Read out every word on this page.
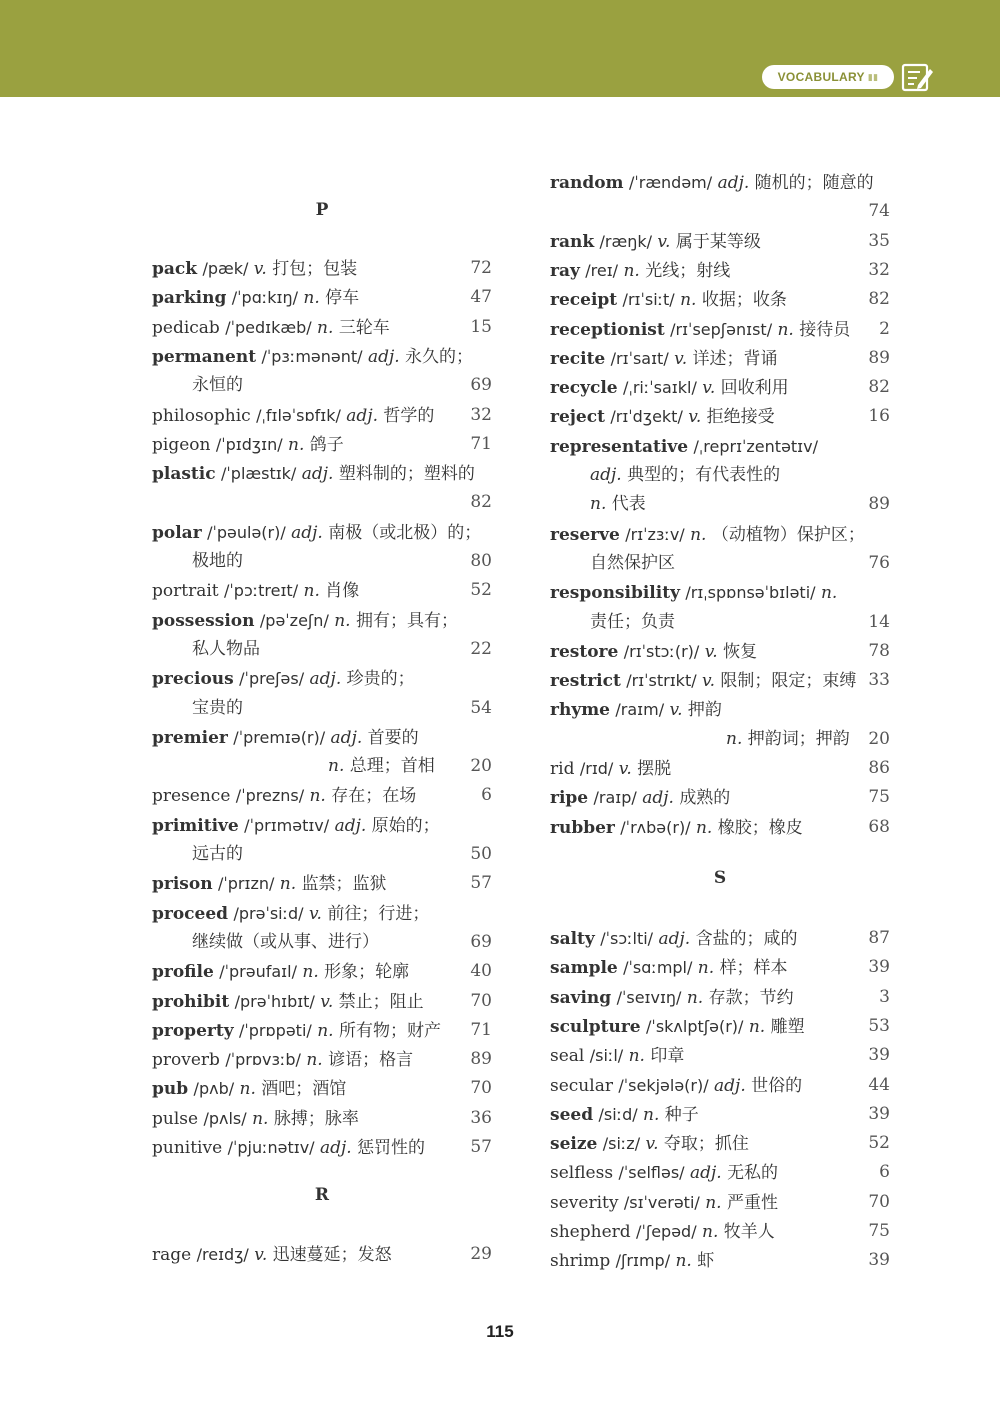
VOCABULARY ▮▮
P
pack /pæk/ v. 打包；包装	72
parking /ˈpɑːkɪŋ/ n. 停车	47
pedicab /ˈpedɪkæb/ n. 三轮车	15
permanent /ˈpɜːmənənt/ adj. 永久的；
永恒的	69
philosophic /ˌfɪləˈsɒfɪk/ adj. 哲学的 32
pigeon /ˈpɪdʒɪn/ n. 鸽子	71
plastic /ˈplæstɪk/ adj. 塑料制的；塑料的
82
polar /ˈpəulə(r)/ adj. 南极（或北极）的；
极地的	80
portrait /ˈpɔːtreɪt/ n. 肖像	52
possession /pəˈzeʃn/ n. 拥有；具有；
私人物品	22
precious /ˈpreʃəs/ adj. 珍贵的；
宝贵的	54
premier /ˈpremɪə(r)/ adj. 首要的
n. 总理；首相 20
presence /ˈprezns/ n. 存在；在场	6
primitive /ˈprɪmətɪv/ adj. 原始的；
远古的	50
prison /ˈprɪzn/ n. 监禁；监狱	57
proceed /prəˈsiːd/ v. 前往；行进；
继续做（或从事、进行）	69
profile /ˈprəufaɪl/ n. 形象；轮廓	40
prohibit /prəˈhɪbɪt/ v. 禁止；阻止	70
property /ˈprɒpəti/ n. 所有物；财产 71
proverb /ˈprɒvɜːb/ n. 谚语；格言	89
pub /pʌb/ n. 酒吧；酒馆	70
pulse /pʌls/ n. 脉搏；脉率	36
punitive /ˈpjuːnətɪv/ adj. 惩罚性的	57
R
rage /reɪdʒ/ v. 迅速蔓延；发怒	29
random /ˈrændəm/ adj. 随机的；随意的
74
rank /ræŋk/ v. 属于某等级	35
ray /reɪ/ n. 光线；射线	32
receipt /rɪˈsiːt/ n. 收据；收条	82
receptionist /rɪˈsepʃənɪst/ n. 接待员 2
recite /rɪˈsaɪt/ v. 详述；背诵	89
recycle /ˌriːˈsaɪkl/ v. 回收利用	82
reject /rɪˈdʒekt/ v. 拒绝接受	16
representative /ˌreprɪˈzentətɪv/
adj. 典型的；有代表性的
n. 代表	89
reserve /rɪˈzɜːv/ n. （动植物）保护区；
自然保护区	76
responsibility /rɪˌspɒnsəˈbɪləti/ n.
责任；负责	14
restore /rɪˈstɔː(r)/ v. 恢复	78
restrict /rɪˈstrɪkt/ v. 限制；限定；束缚 33
rhyme /raɪm/ v. 押韵
n. 押韵词；押韵 20
rid /rɪd/ v. 摆脱	86
ripe /raɪp/ adj. 成熟的	75
rubber /ˈrʌbə(r)/ n. 橡胶；橡皮	68
S
salty /ˈsɔːlti/ adj. 含盐的；咸的	87
sample /ˈsɑːmpl/ n. 样；样本	39
saving /ˈseɪvɪŋ/ n. 存款；节约	3
sculpture /ˈskʌlptʃə(r)/ n. 雕塑	53
seal /siːl/ n. 印章	39
secular /ˈsekjələ(r)/ adj. 世俗的	44
seed /siːd/ n. 种子	39
seize /siːz/ v. 夺取；抓住	52
selfless /ˈselfləs/ adj. 无私的	6
severity /sɪˈverəti/ n. 严重性	70
shepherd /ˈʃepəd/ n. 牧羊人	75
shrimp /ʃrɪmp/ n. 虾	39
115
